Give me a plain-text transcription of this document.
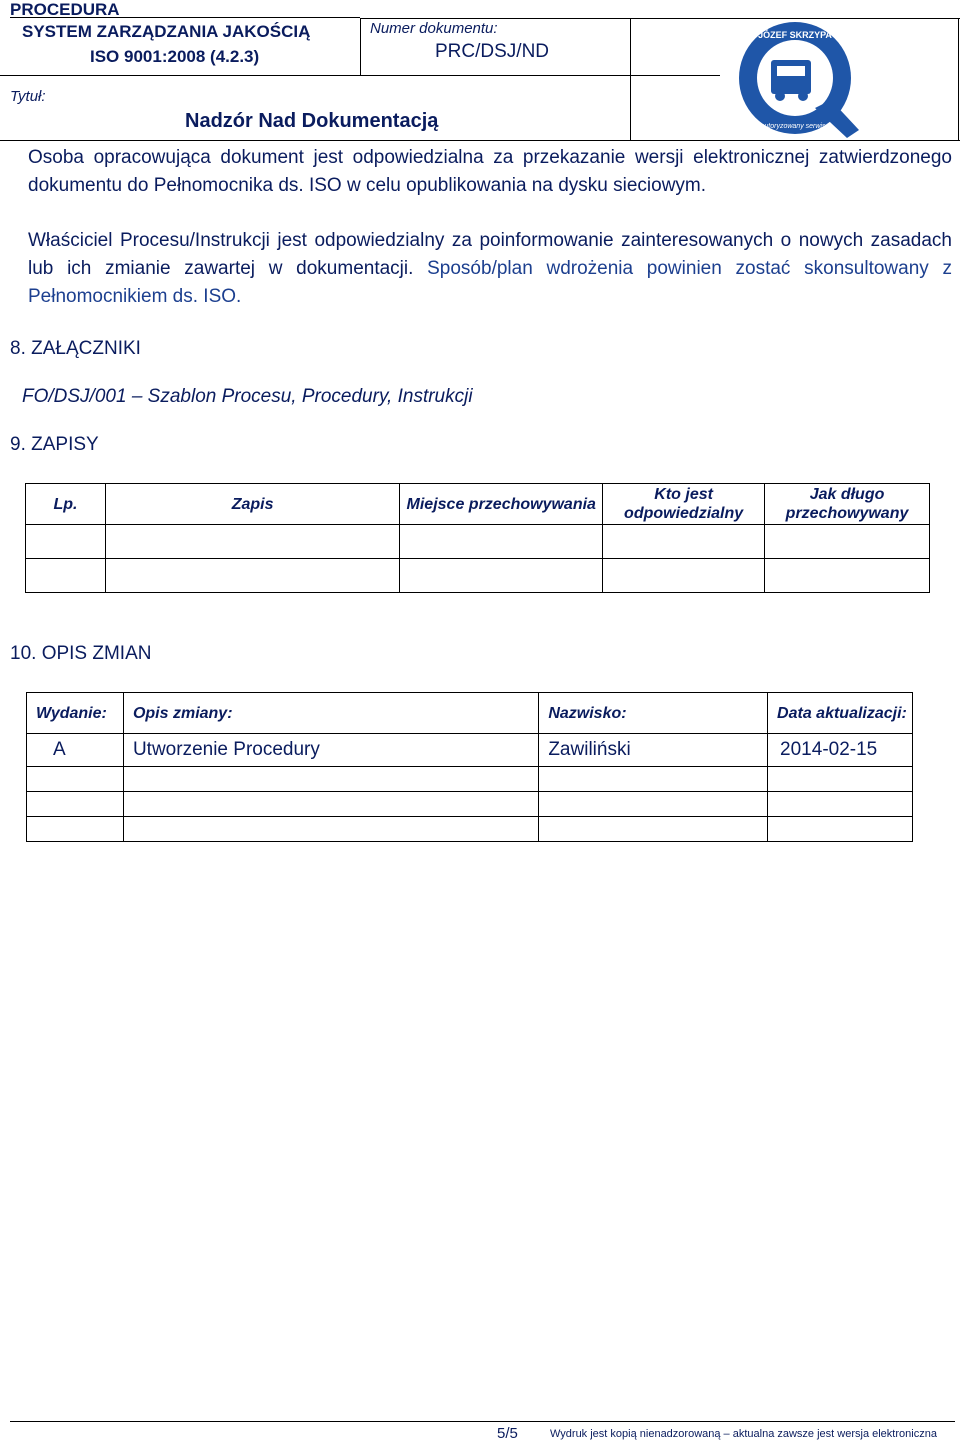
PROCEDURA
SYSTEM ZARZĄDZANIA JAKOŚCIĄ
ISO 9001:2008 (4.2.3)
Numer dokumentu:
PRC/DSJ/ND
Tytuł:
Nadzór Nad Dokumentacją
JÓZEF SKRZYPA
autoryzowany serwis
Osoba opracowująca dokument jest odpowiedzialna za przekazanie wersji elektronicznej zatwierdzonego dokumentu do Pełnomocnika ds. ISO w celu opublikowania na dysku sieciowym.
Właściciel Procesu/Instrukcji jest odpowiedzialny za poinformowanie zainteresowanych o nowych zasadach lub ich zmianie zawartej w dokumentacji. Sposób/plan wdrożenia powinien zostać skonsultowany z Pełnomocnikiem ds. ISO.
8. ZAŁĄCZNIKI
FO/DSJ/001 – Szablon Procesu, Procedury, Instrukcji
9. ZAPISY
Lp.	Zapis	Miejsce przechowywania	Kto jest odpowiedzialny	Jak długo przechowywany

10. OPIS ZMIAN
Wydanie:	Opis zmiany:	Nazwisko:	Data aktualizacji:
A	Utworzenie Procedury	Zawiliński	2014-02-15

5/5	Wydruk jest kopią nienadzorowaną – aktualna zawsze jest wersja elektroniczna
